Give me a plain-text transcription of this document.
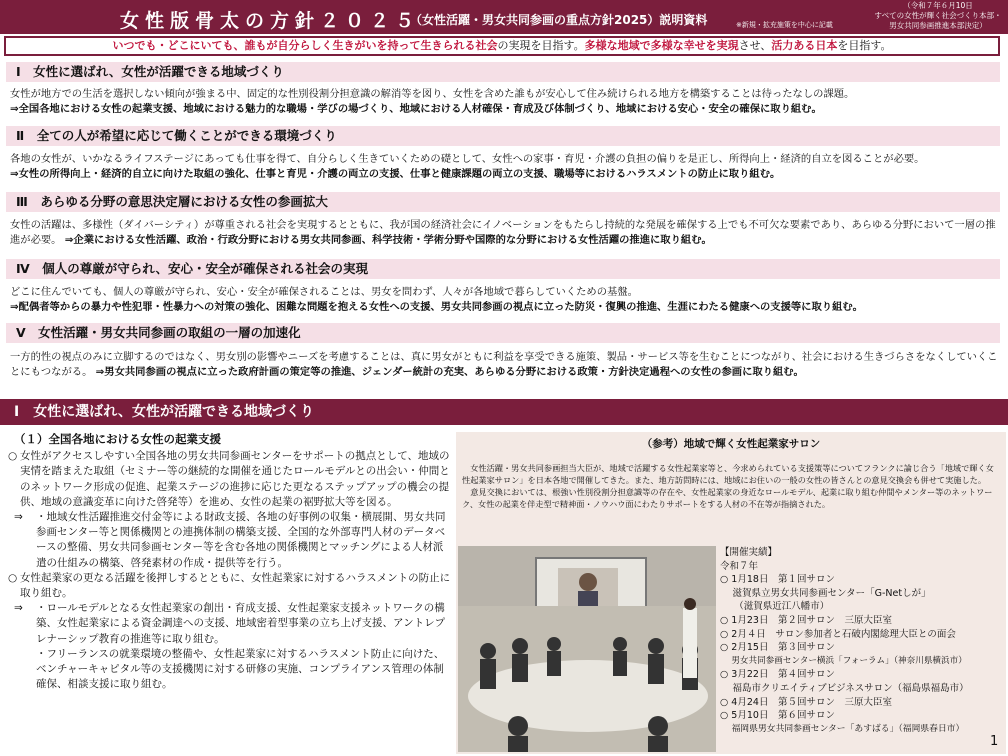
女性版骨太の方針２０２５
（女性活躍・男女共同参画の重点方針2025）説明資料	※新規・拡充施策を中心に記載
（令和７年６月10日
すべての女性が輝く社会づくり本部・
男女共同参画推進本部決定）
いつでも・どこにいても、誰もが自分らしく生きがいを持って生きられる社会の実現を目指す。多様な地域で多様な幸せを実現させ、活力ある日本を目指す。
Ⅰ　女性に選ばれ、女性が活躍できる地域づくり
女性が地方での生活を選択しない傾向が強まる中、固定的な性別役割分担意識の解消等を図り、女性を含めた誰もが安心して住み続けられる地方を構築することは待ったなしの課題。
⇒全国各地における女性の起業支援、地域における魅力的な職場・学びの場づくり、地域における人材確保・育成及び体制づくり、地域における安心・安全の確保に取り組む。
Ⅱ　全ての人が希望に応じて働くことができる環境づくり
各地の女性が、いかなるライフステージにあっても仕事を得て、自分らしく生きていくための礎として、女性への家事・育児・介護の負担の偏りを是正し、所得向上・経済的自立を図ることが必要。
⇒女性の所得向上・経済的自立に向けた取組の強化、仕事と育児・介護の両立の支援、仕事と健康課題の両立の支援、職場等におけるハラスメントの防止に取り組む。
Ⅲ　あらゆる分野の意思決定層における女性の参画拡大
女性の活躍は、多様性（ダイバーシティ）が尊重される社会を実現するとともに、我が国の経済社会にイノベーションをもたらし持続的な発展を確保する上でも不可欠な要素であり、あらゆる分野において一層の推進が必要。 ⇒企業における女性活躍、政治・行政分野における男女共同参画、科学技術・学術分野や国際的な分野における女性活躍の推進に取り組む。
Ⅳ　個人の尊厳が守られ、安心・安全が確保される社会の実現
どこに住んでいても、個人の尊厳が守られ、安心・安全が確保されることは、男女を問わず、人々が各地域で暮らしていくための基盤。
⇒配偶者等からの暴力や性犯罪・性暴力への対策の強化、困難な問題を抱える女性への支援、男女共同参画の視点に立った防災・復興の推進、生涯にわたる健康への支援等に取り組む。
Ⅴ　女性活躍・男女共同参画の取組の一層の加速化
一方的性の視点のみに立脚するのではなく、男女別の影響やニーズを考慮することは、真に男女がともに利益を享受できる施策、製品・サービス等を生むことにつながり、社会における生きづらさをなくしていくことにもつながる。 ⇒男女共同参画の視点に立った政府計画の策定等の推進、ジェンダー統計の充実、あらゆる分野における政策・方針決定過程への女性の参画に取り組む。
Ⅰ　女性に選ばれ、女性が活躍できる地域づくり
（１）全国各地における女性の起業支援
○ 女性がアクセスしやすい全国各地の男女共同参画センターをサポートの拠点として、地域の実情を踏まえた取組（セミナー等の継続的な開催を通じたロールモデルとの出会い・仲間とのネットワーク形成の促進、起業ステージの進捗に応じた更なるステップアップの機会の提供、地域の意識変革に向けた啓発等）を進め、女性の起業の裾野拡大等を図る。
⇒ ・地域女性活躍推進交付金等による財政支援、各地の好事例の収集・横展開、男女共同参画センター等と関係機関との連携体制の構築支援、全国的な外部専門人材のデータベースの整備、男女共同参画センター等を含む各地の関係機関とマッチングによる人材派遣の仕組みの構築、啓発素材の作成・提供等を行う。
○ 女性起業家の更なる活躍を後押しするとともに、女性起業家に対するハラスメントの防止に取り組む。
⇒ ・ロールモデルとなる女性起業家の創出・育成支援、女性起業家支援ネットワークの構築、女性起業家による資金調達への支援、地域密着型事業の立ち上げ支援、アントレプレナーシップ教育の推進等に取り組む。
・フリーランスの就業環境の整備や、女性起業家に対するハラスメント防止に向けた、ベンチャーキャピタル等の支援機関に対する研修の実施、コンプライアンス管理の体制確保、相談支援に取り組む。
（参考）地域で輝く女性起業家サロン
女性活躍・男女共同参画担当大臣が、地域で活躍する女性起業家等と、今求められている支援策等についてフランクに論じ合う「地域で輝く女性起業家サロン」を日本各地で開催してきた。また、地方訪問時には、地域にお住いの一般の女性の皆さんとの意見交換会も併せて実施した。
意見交換においては、根強い性別役割分担意識等の存在や、女性起業家の身近なロールモデル、起業に取り組む仲間やメンター等のネットワーク、女性の起業を伴走型で精神面・ノウハウ面にわたりサポートをする人材の不在等が指摘された。
【開催実績】
令和７年
○ 1月18日　第１回サロン
　 滋賀県立男女共同参画センター「G-Netしが」
　　（滋賀県近江八幡市）
○ 1月23日　第２回サロン　三原大臣室
○ 2月４日　サロン参加者と石破内閣総理大臣との面会
○ 2月15日　第３回サロン
　 男女共同参画センター横浜「フォーラム」（神奈川県横浜市）
○ 3月22日　第４回サロン
　 福島市クリエイティブビジネスサロン（福島県福島市）
○ 4月24日　第５回サロン　三原大臣室
○ 5月10日　第６回サロン
　 福岡県男女共同参画センター「あすばる」（福岡県春日市）
1
